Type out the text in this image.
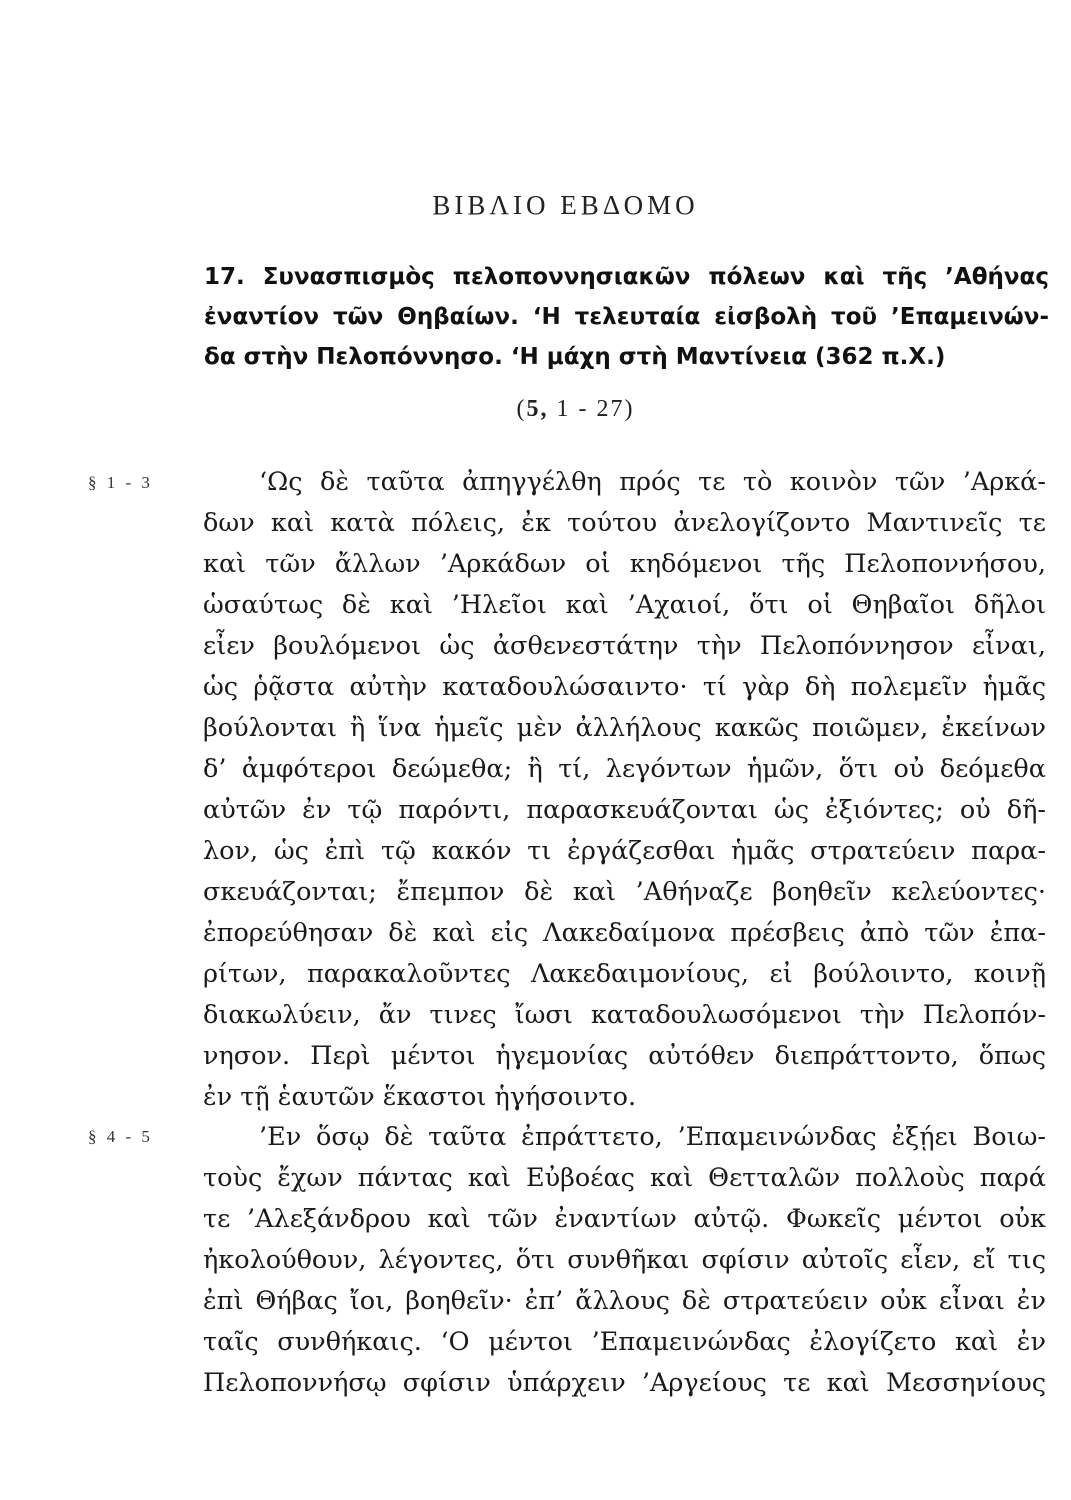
ΒΙΒΛΙΟ ΕΒΔΟΜΟ
17. Συνασπισμὸς πελοποννησιακῶν πόλεων καὶ τῆς ’Αθήνας
ἐναντίον τῶν Θηβαίων. ‘Η τελευταία εἰσβολὴ τοῦ ’Επαμεινών-
δα στὴν Πελοπόννησο. ‘Η μάχη στὴ Μαντίνεια (362 π.Χ.)
(5, 1 - 27)
§ 1 - 3	‘Ως δὲ ταῦτα ἀπηγγέλθη πρός τε τὸ κοινὸν τῶν ’Αρκά-
δων καὶ κατὰ πόλεις, ἐκ τούτου ἀνελογίζοντο Μαντινεῖς τε
καὶ τῶν ἄλλων ’Αρκάδων οἱ κηδόμενοι τῆς Πελοποννήσου,
ὡσαύτως δὲ καὶ ’Ηλεῖοι καὶ ’Αχαιοί, ὅτι οἱ Θηβαῖοι δῆλοι
εἶεν βουλόμενοι ὡς ἀσθενεστάτην τὴν Πελοπόννησον εἶναι,
ὡς ῥᾷστα αὐτὴν καταδουλώσαιντο· τί γὰρ δὴ πολεμεῖν ἡμᾶς
βούλονται ἢ ἵνα ἡμεῖς μὲν ἀλλήλους κακῶς ποιῶμεν, ἐκείνων
δ’ ἀμφότεροι δεώμεθα; ἢ τί, λεγόντων ἡμῶν, ὅτι οὐ δεόμεθα
αὐτῶν ἐν τῷ παρόντι, παρασκευάζονται ὡς ἐξιόντες; οὐ δῆ-
λον, ὡς ἐπὶ τῷ κακόν τι ἐργάζεσθαι ἡμᾶς στρατεύειν παρα-
σκευάζονται; ἔπεμπον δὲ καὶ ’Αθήναζε βοηθεῖν κελεύοντες·
ἐπορεύθησαν δὲ καὶ εἰς Λακεδαίμονα πρέσβεις ἀπὸ τῶν ἐπα-
ρίτων, παρακαλοῦντες Λακεδαιμονίους, εἰ βούλοιντο, κοινῇ
διακωλύειν, ἄν τινες ἴωσι καταδουλωσόμενοι τὴν Πελοπόν-
νησον. Περὶ μέντοι ἡγεμονίας αὐτόθεν διεπράττοντο, ὅπως
ἐν τῇ ἑαυτῶν ἕκαστοι ἡγήσοιντο.
§ 4 - 5	’Εν ὅσῳ δὲ ταῦτα ἐπράττετο, ’Επαμεινώνδας ἐξῄει Βοιω-
τοὺς ἔχων πάντας καὶ Εὐβοέας καὶ Θετταλῶν πολλοὺς παρά
τε ’Αλεξάνδρου καὶ τῶν ἐναντίων αὐτῷ. Φωκεῖς μέντοι οὐκ
ἠκολούθουν, λέγοντες, ὅτι συνθῆκαι σφίσιν αὐτοῖς εἶεν, εἴ τις
ἐπὶ Θήβας ἴοι, βοηθεῖν· ἐπ’ ἄλλους δὲ στρατεύειν οὐκ εἶναι ἐν
ταῖς συνθήκαις. ‘Ο μέντοι ’Επαμεινώνδας ἐλογίζετο καὶ ἐν
Πελοποννήσῳ σφίσιν ὑπάρχειν ’Αργείους τε καὶ Μεσσηνίους
